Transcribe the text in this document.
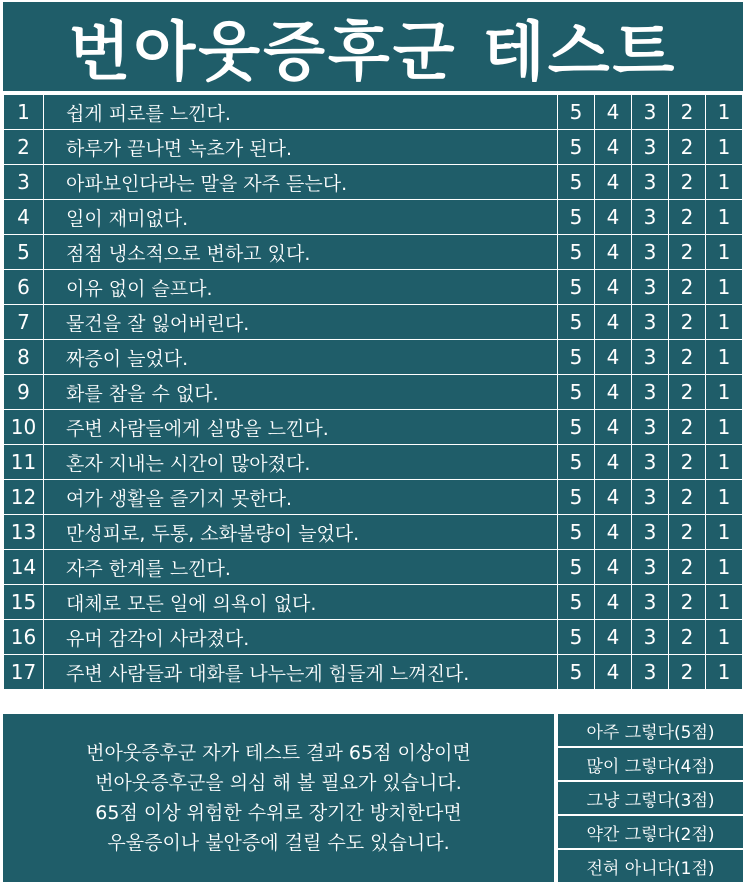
번아웃증후군 테스트
1	쉽게 피로를 느낀다.	5	4	3	2	1
2	하루가 끝나면 녹초가 된다.	5	4	3	2	1
3	아파보인다라는 말을 자주 듣는다.	5	4	3	2	1
4	일이 재미없다.	5	4	3	2	1
5	점점 냉소적으로 변하고 있다.	5	4	3	2	1
6	이유 없이 슬프다.	5	4	3	2	1
7	물건을 잘 잃어버린다.	5	4	3	2	1
8	짜증이 늘었다.	5	4	3	2	1
9	화를 참을 수 없다.	5	4	3	2	1
10	주변 사람들에게 실망을 느낀다.	5	4	3	2	1
11	혼자 지내는 시간이 많아졌다.	5	4	3	2	1
12	여가 생활을 즐기지 못한다.	5	4	3	2	1
13	만성피로, 두통, 소화불량이 늘었다.	5	4	3	2	1
14	자주 한계를 느낀다.	5	4	3	2	1
15	대체로 모든 일에 의욕이 없다.	5	4	3	2	1
16	유머 감각이 사라졌다.	5	4	3	2	1
17	주변 사람들과 대화를 나누는게 힘들게 느껴진다.	5	4	3	2	1
번아웃증후군 자가 테스트 결과 65점 이상이면
번아웃증후군을 의심 해 볼 필요가 있습니다.
65점 이상 위험한 수위로 장기간 방치한다면
우울증이나 불안증에 걸릴 수도 있습니다.
아주 그렇다(5점)
많이 그렇다(4점)
그냥 그렇다(3점)
약간 그렇다(2점)
전혀 아니다(1점)
